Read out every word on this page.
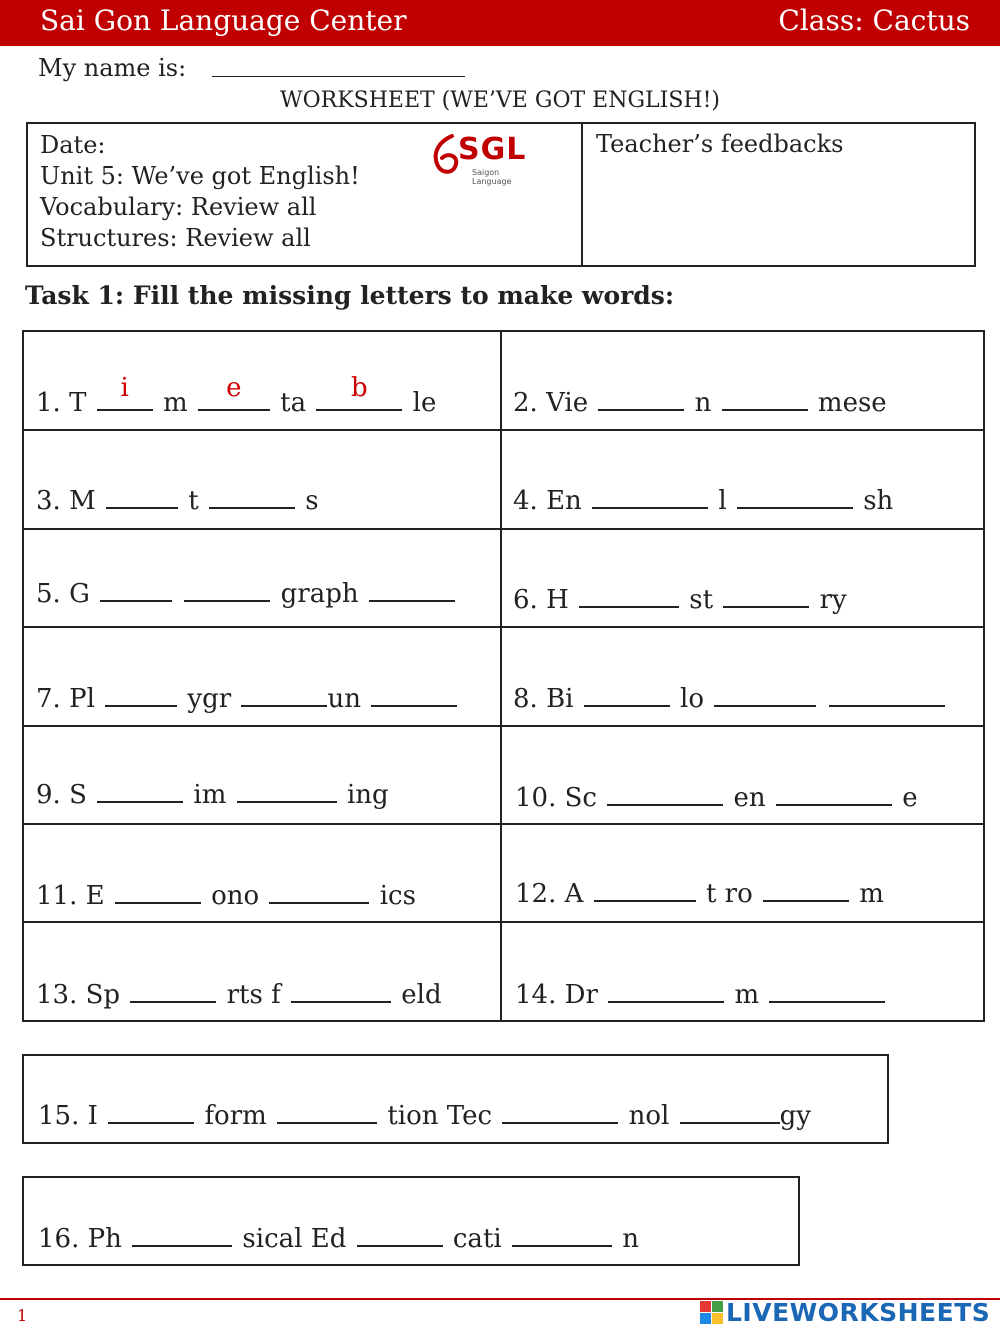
Sai Gon Language Center	Class: Cactus
My name is:
WORKSHEET (WE’VE GOT ENGLISH!)
Date:
Unit 5: We’ve got English!
Vocabulary: Review all
Structures: Review all
Teacher’s feedbacks
SGL
Saigon Language
Task 1: Fill the missing letters to make words:
1. T	i	m	e	ta	b	le	2. Vie	n	mese
3. M	t	s	4. En	l	sh
5. G	graph	6. H	st	ry
7. Pl	ygr	un	8. Bi	lo
9. S	im	ing	10. Sc	en	e
11. E	ono	ics	12. A	t ro	m
13. Sp	rts f	eld	14. Dr	m
15. I	form	tion Tec	nol	gy
16. Ph	sical Ed	cati	n
1	LIVEWORKSHEETS
